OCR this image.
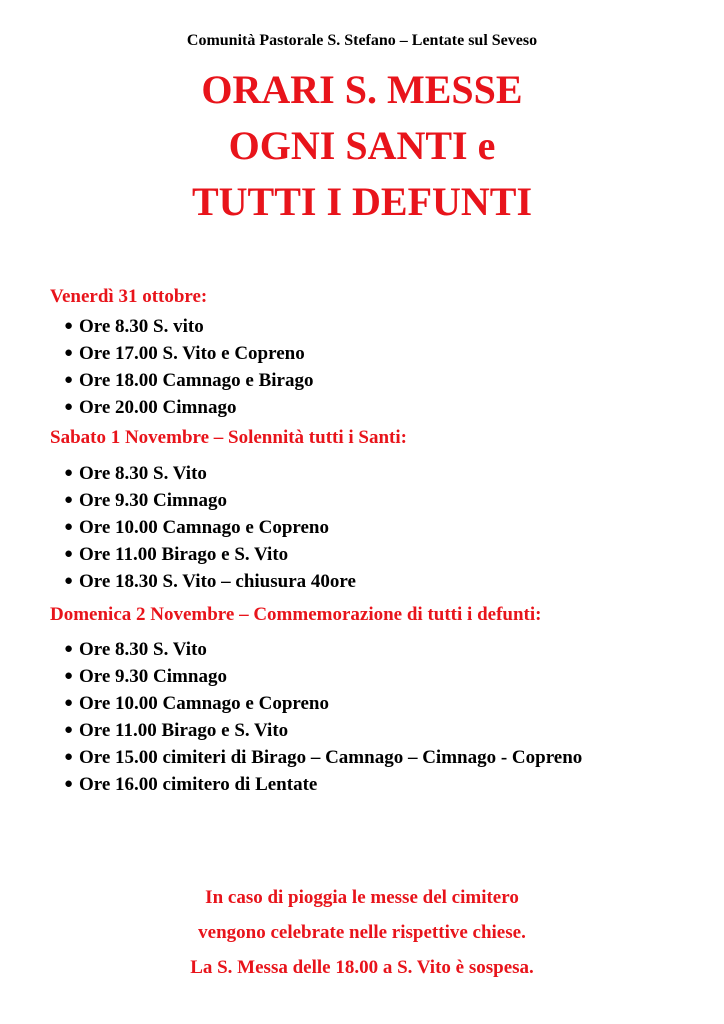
Comunità Pastorale S. Stefano – Lentate sul Seveso
ORARI S. MESSE
OGNI SANTI e
TUTTI I DEFUNTI
Venerdì 31 ottobre:
● Ore 8.30 S. vito
● Ore 17.00 S. Vito e Copreno
● Ore 18.00 Camnago e Birago
● Ore 20.00 Cimnago
Sabato 1 Novembre – Solennità tutti i Santi:
● Ore 8.30 S. Vito
● Ore 9.30 Cimnago
● Ore 10.00 Camnago e Copreno
● Ore 11.00 Birago e S. Vito
● Ore 18.30 S. Vito – chiusura 40ore
Domenica 2 Novembre – Commemorazione di tutti i defunti:
● Ore 8.30 S. Vito
● Ore 9.30 Cimnago
● Ore 10.00 Camnago e Copreno
● Ore 11.00 Birago e S. Vito
● Ore 15.00 cimiteri di Birago – Camnago – Cimnago - Copreno
● Ore 16.00 cimitero di Lentate
In caso di pioggia le messe del cimitero
vengono celebrate nelle rispettive chiese.
La S. Messa delle 18.00 a S. Vito è sospesa.
